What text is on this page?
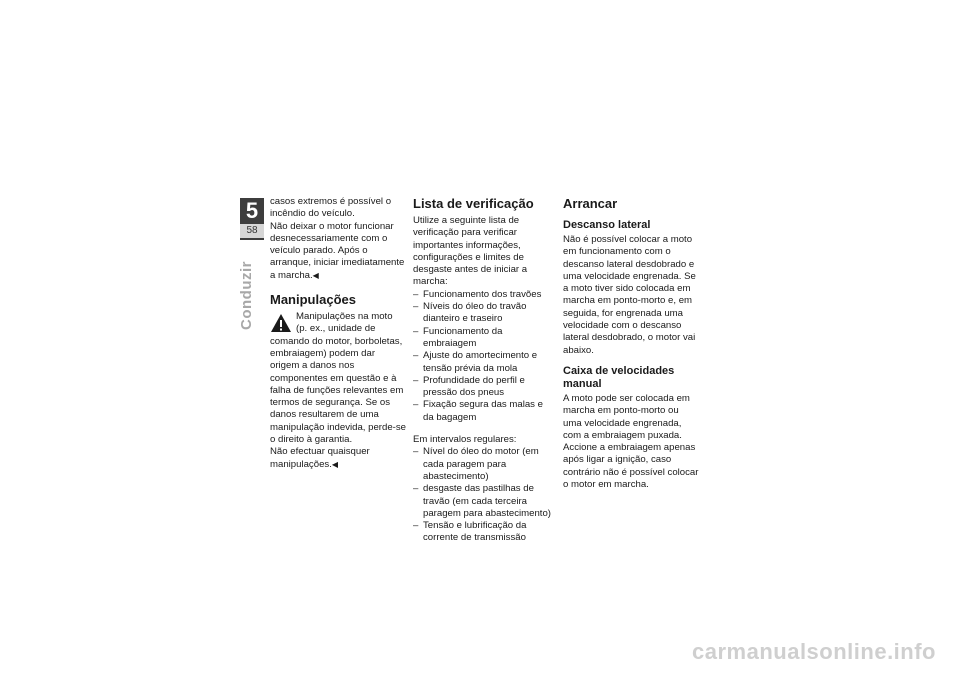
5
58
Conduzir

casos extremos é possível o incêndio do veículo.

Não deixar o motor funcionar desnecessariamente com o veículo parado. Após o arranque, iniciar imediatamente a marcha.◀

Manipulações

Manipulações na moto (p. ex., unidade de comando do motor, borboletas, embraiagem) podem dar origem a danos nos componentes em questão e à falha de funções relevantes em termos de segurança. Se os danos resultarem de uma manipulação indevida, perde-se o direito à garantia.

Não efectuar quaisquer manipulações.◀

Lista de verificação

Utilize a seguinte lista de verificação para verificar importantes informações, configurações e limites de desgaste antes de iniciar a marcha:

– Funcionamento dos travões
– Níveis do óleo do travão dianteiro e traseiro
– Funcionamento da embraiagem
– Ajuste do amortecimento e tensão prévia da mola
– Profundidade do perfil e pressão dos pneus
– Fixação segura das malas e da bagagem

Em intervalos regulares:

– Nível do óleo do motor (em cada paragem para abastecimento)
– desgaste das pastilhas de travão (em cada terceira paragem para abastecimento)
– Tensão e lubrificação da corrente de transmissão
Arrancar
Descanso lateral

Não é possível colocar a moto em funcionamento com o descanso lateral desdobrado e uma velocidade engrenada. Se a moto tiver sido colocada em marcha em ponto-morto e, em seguida, for engrenada uma velocidade com o descanso lateral desdobrado, o motor vai abaixo.

Caixa de velocidades manual

A moto pode ser colocada em marcha em ponto-morto ou uma velocidade engrenada, com a embraiagem puxada. Accione a embraiagem apenas após ligar a ignição, caso contrário não é possível colocar o motor em marcha.

carmanualsonline.info
